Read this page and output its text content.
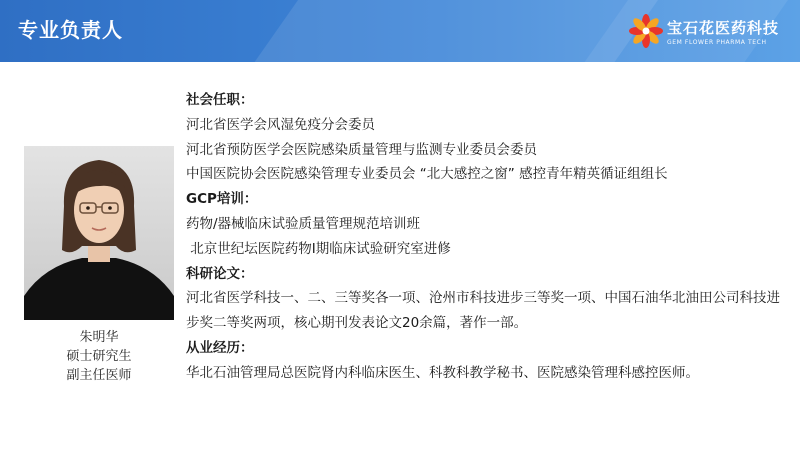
专业负责人	宝石花医药科技
GEM FLOWER PHARMA TECH
朱明华
硕士研究生
副主任医师
社会任职：
河北省医学会风湿免疫分会委员
河北省预防医学会医院感染质量管理与监测专业委员会委员
中国医院协会医院感染管理专业委员会 “北大感控之窗” 感控青年精英循证组组长
GCP培训：
药物/器械临床试验质量管理规范培训班
北京世纪坛医院药物Ⅰ期临床试验研究室进修
科研论文：
河北省医学科技一、二、三等奖各一项、沧州市科技进步三等奖一项、中国石油华北油田公司科技进步奖二等奖两项，核心期刊发表论文20余篇，著作一部。
从业经历：
华北石油管理局总医院肾内科临床医生、科教科教学秘书、医院感染管理科感控医师。
